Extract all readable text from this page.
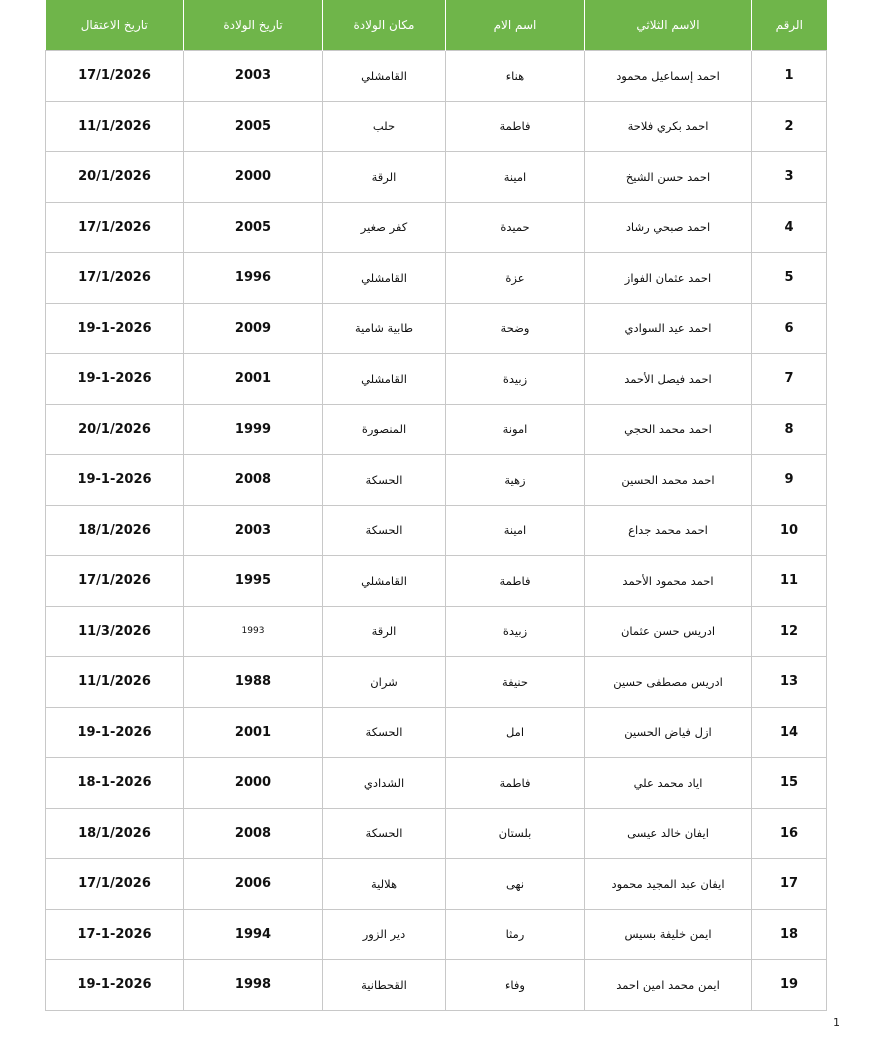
تاريخ الاعتقال	تاريخ الولادة	مكان الولادة	اسم الام	الاسم الثلاثي	الرقم
17/1/2026	2003	القامشلي	هناء	احمد إسماعيل محمود	1
11/1/2026	2005	حلب	فاطمة	احمد بكري فلاحة	2
20/1/2026	2000	الرقة	امينة	احمد حسن الشيخ	3
17/1/2026	2005	كفر صغير	حميدة	احمد صبحي رشاد	4
17/1/2026	1996	القامشلي	عزة	احمد عثمان الفواز	5
19-1-2026	2009	طابية شامية	وضحة	احمد عيد السوادي	6
19-1-2026	2001	القامشلي	زبيدة	احمد فيصل الأحمد	7
20/1/2026	1999	المنصورة	امونة	احمد محمد الحجي	8
19-1-2026	2008	الحسكة	زهية	احمد محمد الحسين	9
18/1/2026	2003	الحسكة	امينة	احمد محمد جداع	10
17/1/2026	1995	القامشلي	فاطمة	احمد محمود الأحمد	11
11/3/2026	1993	الرقة	زبيدة	ادريس حسن عثمان	12
11/1/2026	1988	شران	حنيفة	ادريس مصطفى حسين	13
19-1-2026	2001	الحسكة	امل	ازل فياض الحسين	14
18-1-2026	2000	الشدادي	فاطمة	اياد محمد علي	15
18/1/2026	2008	الحسكة	بلستان	ايفان خالد عيسى	16
17/1/2026	2006	هلالية	نهى	ايفان عبد المجيد محمود	17
17-1-2026	1994	دير الزور	رمثا	ايمن خليفة بسيس	18
19-1-2026	1998	القحطانية	وفاء	ايمن محمد امين احمد	19
1
